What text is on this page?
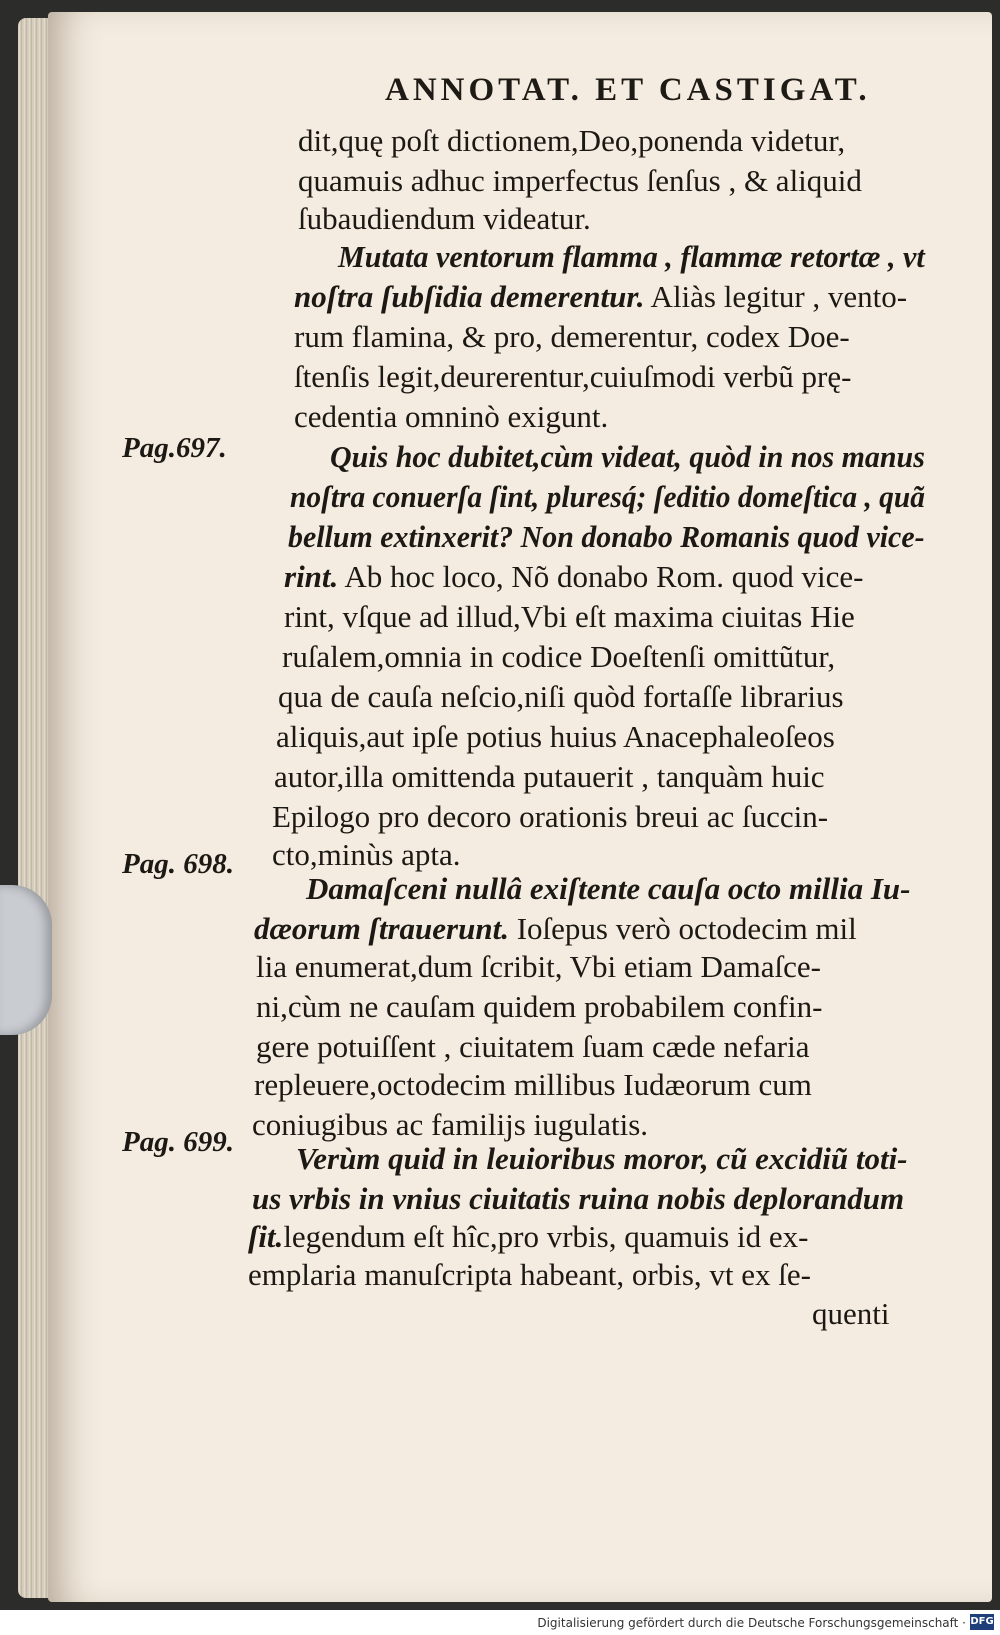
ANNOTAT. ET CASTIGAT.
Pag.697.
Pag. 698.
Pag. 699.
dit,quę poſt dictionem,Deo,ponenda videtur,
quamuis adhuc imperfectus ſenſus , & aliquid
ſubaudiendum videatur.
Mutata ventorum flamma , flammæ retortæ , vt
noſtra ſubſidia demerentur. Aliàs legitur , vento-
rum flamina, & pro, demerentur, codex Doe-
ſtenſis legit,deurerentur,cuiuſmodi verbũ prę-
cedentia omninò exigunt.
Quis hoc dubitet,cùm videat, quòd in nos manus
noſtra conuerſa ſint, pluresq́; ſeditio domeſtica , quã
bellum extinxerit? Non donabo Romanis quod vice-
rint. Ab hoc loco, Nõ donabo Rom. quod vice-
rint, vſque ad illud,Vbi eſt maxima ciuitas Hie
ruſalem,omnia in codice Doeſtenſi omittũtur,
qua de cauſa neſcio,niſi quòd fortaſſe librarius
aliquis,aut ipſe potius huius Anacephaleoſeos
autor,illa omittenda putauerit , tanquàm huic
Epilogo pro decoro orationis breui ac ſuccin-
cto,minùs apta.
Damaſceni nullâ exiſtente cauſa octo millia Iu-
dæorum ſtrauerunt. Ioſepus verò octodecim mil
lia enumerat,dum ſcribit, Vbi etiam Damaſce-
ni,cùm ne cauſam quidem probabilem confin-
gere potuiſſent , ciuitatem ſuam cæde nefaria
repleuere,octodecim millibus Iudæorum cum
coniugibus ac familijs iugulatis.
Verùm quid in leuioribus moror, cũ excidiũ toti-
us vrbis in vnius ciuitatis ruina nobis deplorandum
ſit.legendum eſt hîc,pro vrbis, quamuis id ex-
emplaria manuſcripta habeant, orbis, vt ex ſe-
quenti
Digitalisierung gefördert durch die Deutsche Forschungsgemeinschaft · DFG
